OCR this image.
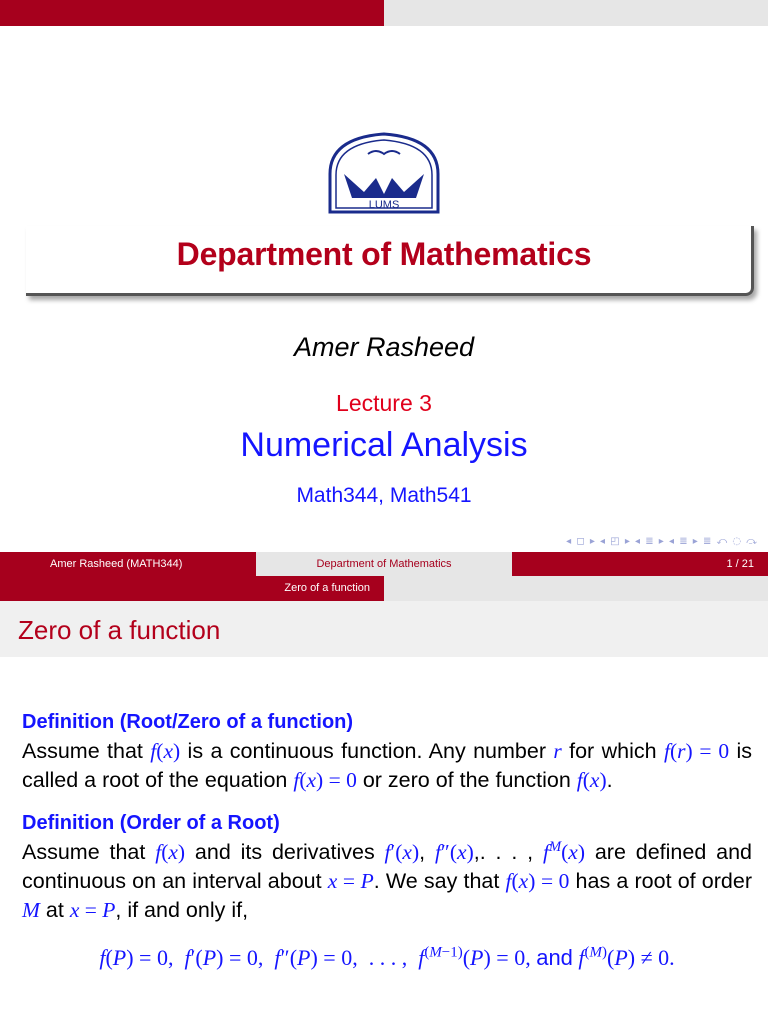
LUMS
Department of Mathematics
Amer Rasheed
Lecture 3
Numerical Analysis
Math344, Math541
◂ ◻ ▸ ◂ ◰ ▸ ◂ ≣ ▸ ◂ ≣ ▸ ≣ ⤺ ◌ ⤼
Amer Rasheed (MATH344)	Department of Mathematics	1 / 21
Zero of a function
Zero of a function
Definition (Root/Zero of a function)
Assume that f(x) is a continuous function. Any number r for which f(r) = 0 is called a root of the equation f(x) = 0 or zero of the function f(x).
Definition (Order of a Root)
Assume that f(x) and its derivatives f′(x), f″(x),. . . , $f^M(x)$ are defined and continuous on an interval about x = P. We say that f(x) = 0 has a root of order M at x = P, if and only if,
f(P) = 0,  f′(P) = 0,  f″(P) = 0, . . . ,  $f^{(M-1)}(P) = 0$, and $f^{(M)}(P) \ne 0$.
